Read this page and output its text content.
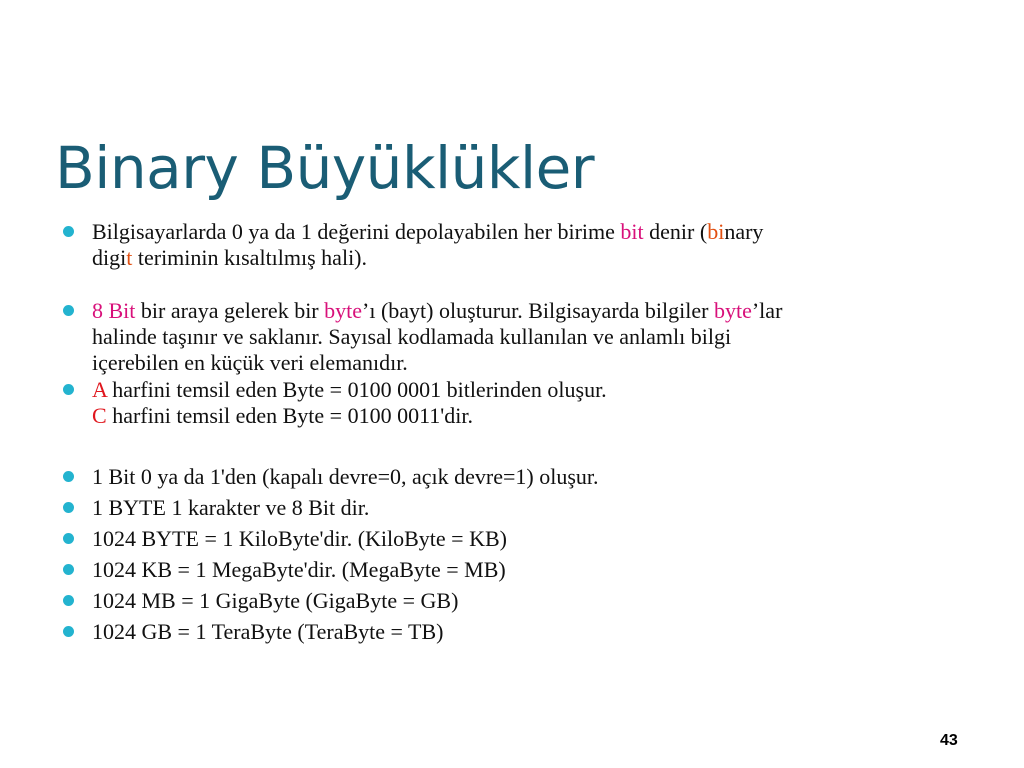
Binary Büyüklükler
Bilgisayarlarda 0 ya da 1 değerini depolayabilen her birime bit denir (binary
digit teriminin kısaltılmış hali).
8 Bit bir araya gelerek bir byte’ı (bayt) oluşturur. Bilgisayarda bilgiler byte’lar
halinde taşınır ve saklanır. Sayısal kodlamada kullanılan ve anlamlı bilgi
içerebilen en küçük veri elemanıdır.
A harfini temsil eden Byte = 0100 0001 bitlerinden oluşur.
C harfini temsil eden Byte = 0100 0011'dir.
1 Bit 0 ya da 1'den (kapalı devre=0, açık devre=1) oluşur.
1 BYTE 1 karakter ve 8 Bit dir.
1024 BYTE = 1 KiloByte'dir. (KiloByte = KB)
1024 KB = 1 MegaByte'dir. (MegaByte = MB)
1024 MB = 1 GigaByte (GigaByte = GB)
1024 GB = 1 TeraByte (TeraByte = TB)
43
